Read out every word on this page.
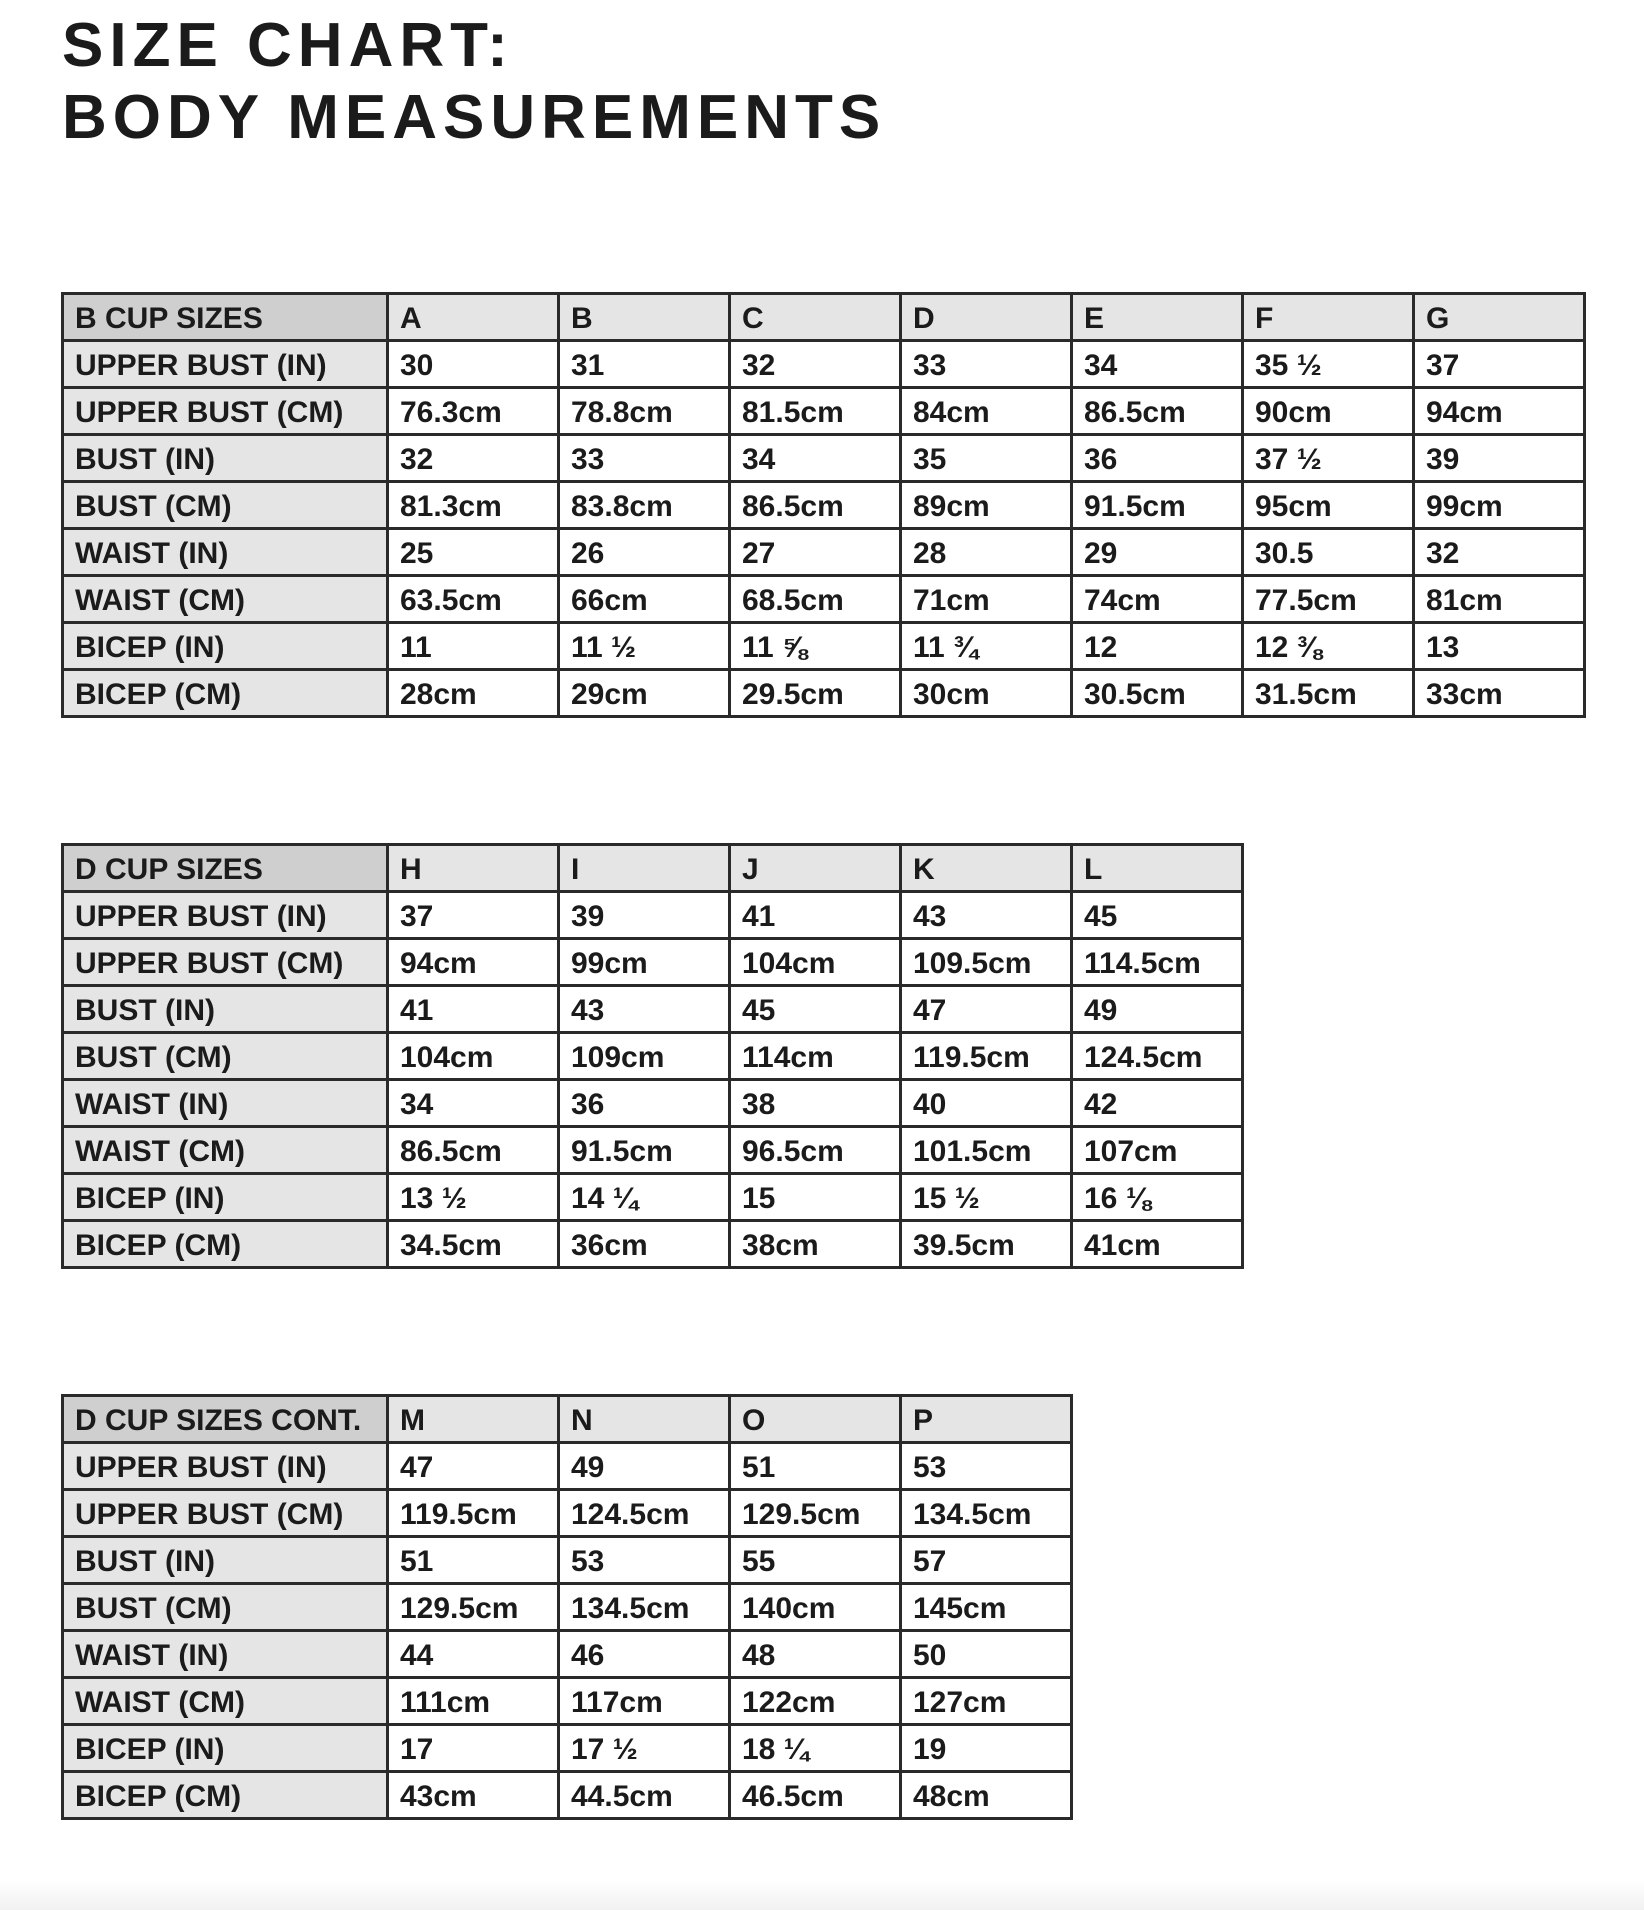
SIZE CHART:
BODY MEASUREMENTS
B CUP SIZES	A	B	C	D	E	F	G
UPPER BUST (IN)	30	31	32	33	34	35 ½	37
UPPER BUST (CM)	76.3cm	78.8cm	81.5cm	84cm	86.5cm	90cm	94cm
BUST (IN)	32	33	34	35	36	37 ½	39
BUST (CM)	81.3cm	83.8cm	86.5cm	89cm	91.5cm	95cm	99cm
WAIST (IN)	25	26	27	28	29	30.5	32
WAIST (CM)	63.5cm	66cm	68.5cm	71cm	74cm	77.5cm	81cm
BICEP (IN)	11	11 ½	11 ⅝	11 ¾	12	12 ⅜	13
BICEP (CM)	28cm	29cm	29.5cm	30cm	30.5cm	31.5cm	33cm
D CUP SIZES	H	I	J	K	L
UPPER BUST (IN)	37	39	41	43	45
UPPER BUST (CM)	94cm	99cm	104cm	109.5cm	114.5cm
BUST (IN)	41	43	45	47	49
BUST (CM)	104cm	109cm	114cm	119.5cm	124.5cm
WAIST (IN)	34	36	38	40	42
WAIST (CM)	86.5cm	91.5cm	96.5cm	101.5cm	107cm
BICEP (IN)	13 ½	14 ¼	15	15 ½	16 ⅛
BICEP (CM)	34.5cm	36cm	38cm	39.5cm	41cm
D CUP SIZES CONT.	M	N	O	P
UPPER BUST (IN)	47	49	51	53
UPPER BUST (CM)	119.5cm	124.5cm	129.5cm	134.5cm
BUST (IN)	51	53	55	57
BUST (CM)	129.5cm	134.5cm	140cm	145cm
WAIST (IN)	44	46	48	50
WAIST (CM)	111cm	117cm	122cm	127cm
BICEP (IN)	17	17 ½	18 ¼	19
BICEP (CM)	43cm	44.5cm	46.5cm	48cm
